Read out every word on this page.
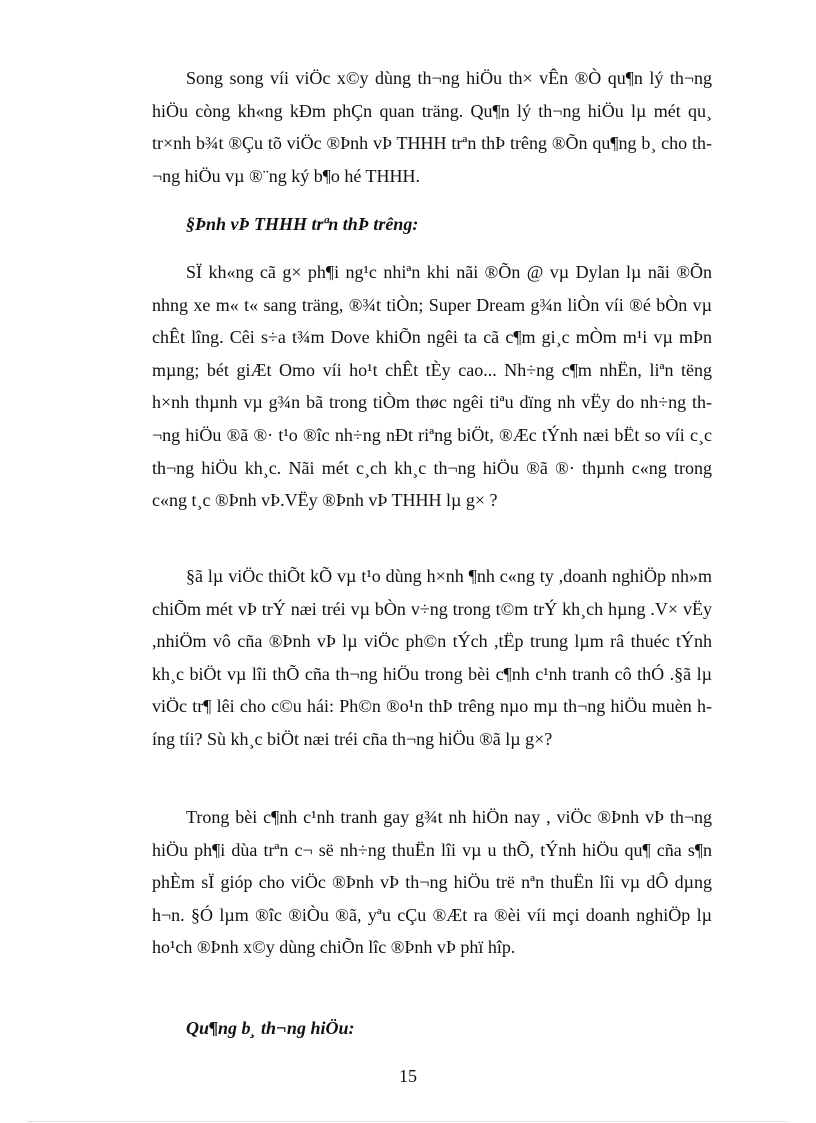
Song song víi viÖc x©y dùng th¬ng hiÖu th× vÊn ®Ò qu¶n lý th¬ng hiÖu còng kh«ng kÐm phÇn quan träng. Qu¶n lý th¬ng hiÖu lµ mét qu¸ tr×nh b¾t ®Çu tõ viÖc ®Þnh vÞ THHH trªn thÞ trêng ®Õn qu¶ng b¸ cho th¬ng hiÖu vµ ®¨ng ký b¶o hé THHH.

§Þnh vÞ THHH trªn thÞ trêng:

SÏ kh«ng cã g× ph¶i ng¹c nhiªn khi nãi ®Õn @ vµ Dylan lµ nãi ®Õn nhng xe m« t« sang träng, ®¾t tiÒn; Super Dream g¾n liÒn víi ®é bÒn vµ chÊt lîng. Cêi s÷a t¾m Dove khiÕn ngêi ta cã c¶m gi¸c mÒm m¹i vµ mÞn mµng; bét giÆt Omo víi ho¹t chÊt tÈy cao... Nh÷ng c¶m nhËn, liªn tëng h×nh thµnh vµ g¾n bã trong tiÒm thøc ngêi tiªu dïng nh vËy do nh÷ng th¬ng hiÖu ®ã ®· t¹o ®îc nh÷ng nÐt riªng biÖt, ®Æc tÝnh næi bËt so víi c¸c th¬ng hiÖu kh¸c. Nãi mét c¸ch kh¸c th¬ng hiÖu ®ã ®· thµnh c«ng trong c«ng t¸c ®Þnh vÞ.VËy ®Þnh vÞ THHH lµ g× ?

§ã lµ viÖc thiÕt kÕ vµ t¹o dùng h×nh ¶nh c«ng ty ,doanh nghiÖp nh»m chiÕm mét vÞ trÝ næi tréi vµ bÒn v÷ng trong t©m trÝ kh¸ch hµng .V× vËy ,nhiÖm vô cña ®Þnh vÞ lµ viÖc ph©n tÝch ,tËp trung lµm râ thuéc tÝnh kh¸c biÖt vµ lîi thÕ cña th¬ng hiÖu trong bèi c¶nh c¹nh tranh cô thÓ .§ã lµ viÖc tr¶ lêi cho c©u hái: Ph©n ®o¹n thÞ trêng nµo mµ th¬ng hiÖu muèn híng tíi? Sù kh¸c biÖt næi tréi cña th¬ng hiÖu ®ã lµ g×?

Trong bèi c¶nh c¹nh tranh gay g¾t nh hiÖn nay , viÖc ®Þnh vÞ th¬ng hiÖu ph¶i dùa trªn c¬ së nh÷ng thuËn lîi vµ u thÕ, tÝnh hiÖu qu¶ cña s¶n phÈm sÏ gióp cho viÖc ®Þnh vÞ th¬ng hiÖu trë nªn thuËn lîi vµ dÔ dµng h¬n. §Ó lµm ®îc ®iÒu ®ã, yªu cÇu ®Æt ra ®èi víi mçi doanh nghiÖp lµ ho¹ch ®Þnh x©y dùng chiÕn lîc ®Þnh vÞ phï hîp.

Qu¶ng b¸ th¬ng hiÖu:

15
